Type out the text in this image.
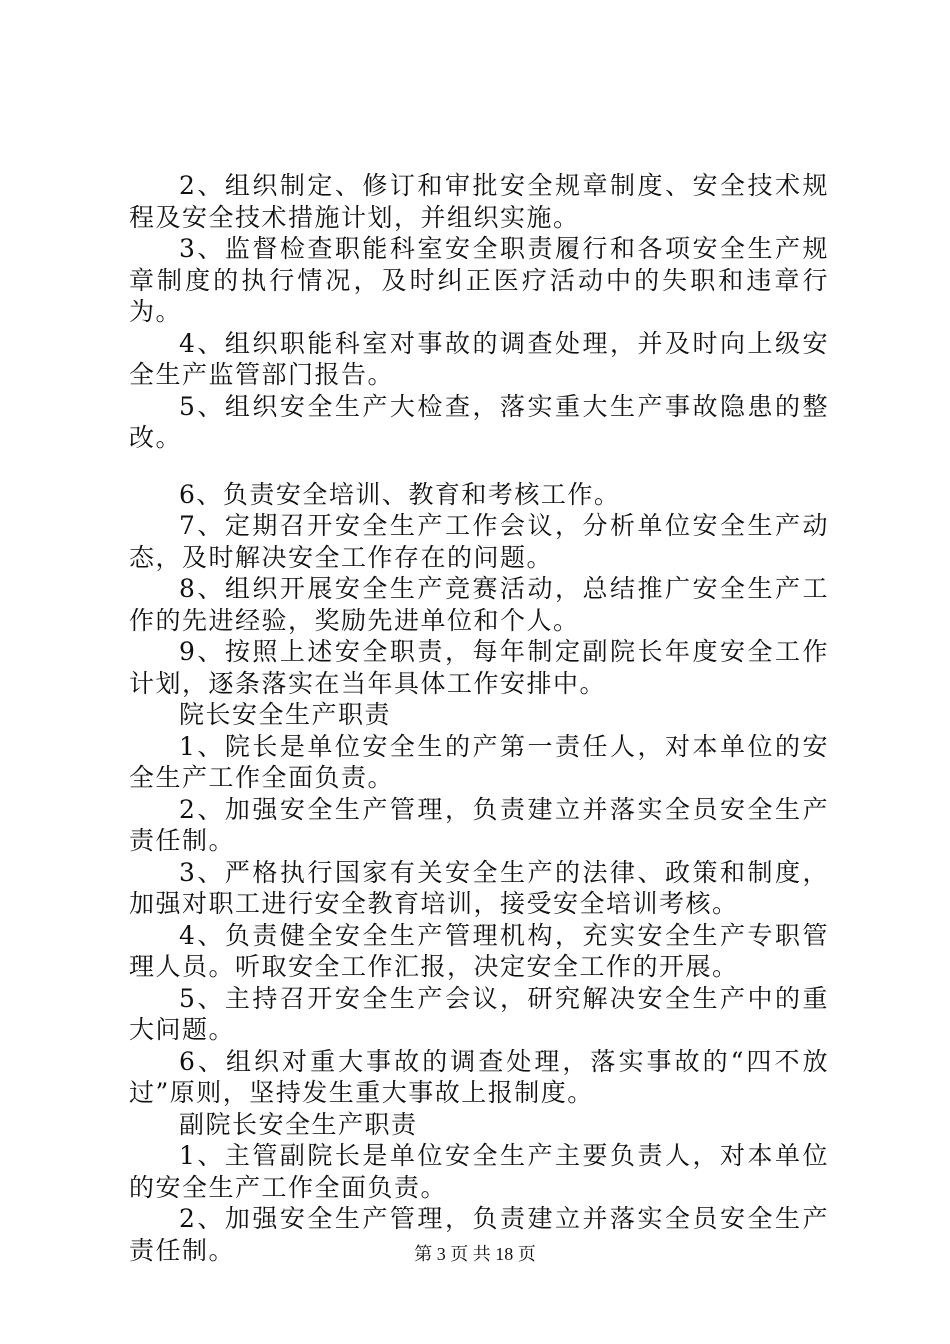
2、组织制定、修订和审批安全规章制度、安全技术规程及安全技术措施计划，并组织实施。

3、监督检查职能科室安全职责履行和各项安全生产规章制度的执行情况，及时纠正医疗活动中的失职和违章行为。

4、组织职能科室对事故的调查处理，并及时向上级安全生产监管部门报告。

5、组织安全生产大检查，落实重大生产事故隐患的整改。

6、负责安全培训、教育和考核工作。

7、定期召开安全生产工作会议，分析单位安全生产动态，及时解决安全工作存在的问题。

8、组织开展安全生产竞赛活动，总结推广安全生产工作的先进经验，奖励先进单位和个人。

9、按照上述安全职责，每年制定副院长年度安全工作计划，逐条落实在当年具体工作安排中。

院长安全生产职责

1、院长是单位安全生的产第一责任人，对本单位的安全生产工作全面负责。

2、加强安全生产管理，负责建立并落实全员安全生产责任制。

3、严格执行国家有关安全生产的法律、政策和制度，加强对职工进行安全教育培训，接受安全培训考核。

4、负责健全安全生产管理机构，充实安全生产专职管理人员。听取安全工作汇报，决定安全工作的开展。

5、主持召开安全生产会议，研究解决安全生产中的重大问题。

6、组织对重大事故的调查处理，落实事故的“四不放过”原则，坚持发生重大事故上报制度。

副院长安全生产职责

1、主管副院长是单位安全生产主要负责人，对本单位的安全生产工作全面负责。

2、加强安全生产管理，负责建立并落实全员安全生产责任制。	第 3 页 共 18 页
